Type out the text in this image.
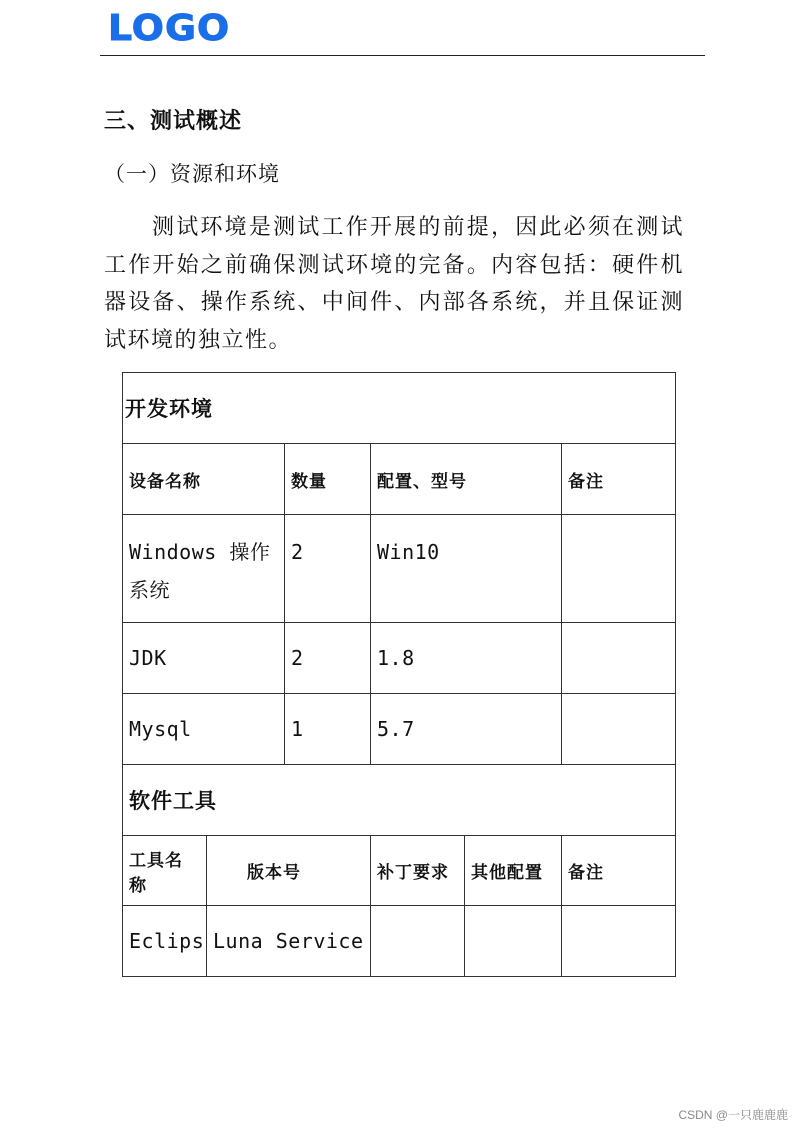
LOGO
三、测试概述
（一）资源和环境
测试环境是测试工作开展的前提，因此必须在测试工作开始之前确保测试环境的完备。内容包括：硬件机器设备、操作系统、中间件、内部各系统，并且保证测试环境的独立性。
开发环境					
设备名称		数量	配置、型号		备注
Windows 操作系统		2	Win10		
JDK		2	1.8		
Mysql		1	5.7		
软件工具					
工具名称	版本号		补丁要求	其他配置	备注
Eclips	Luna Service				
CSDN @一只鹿鹿鹿
